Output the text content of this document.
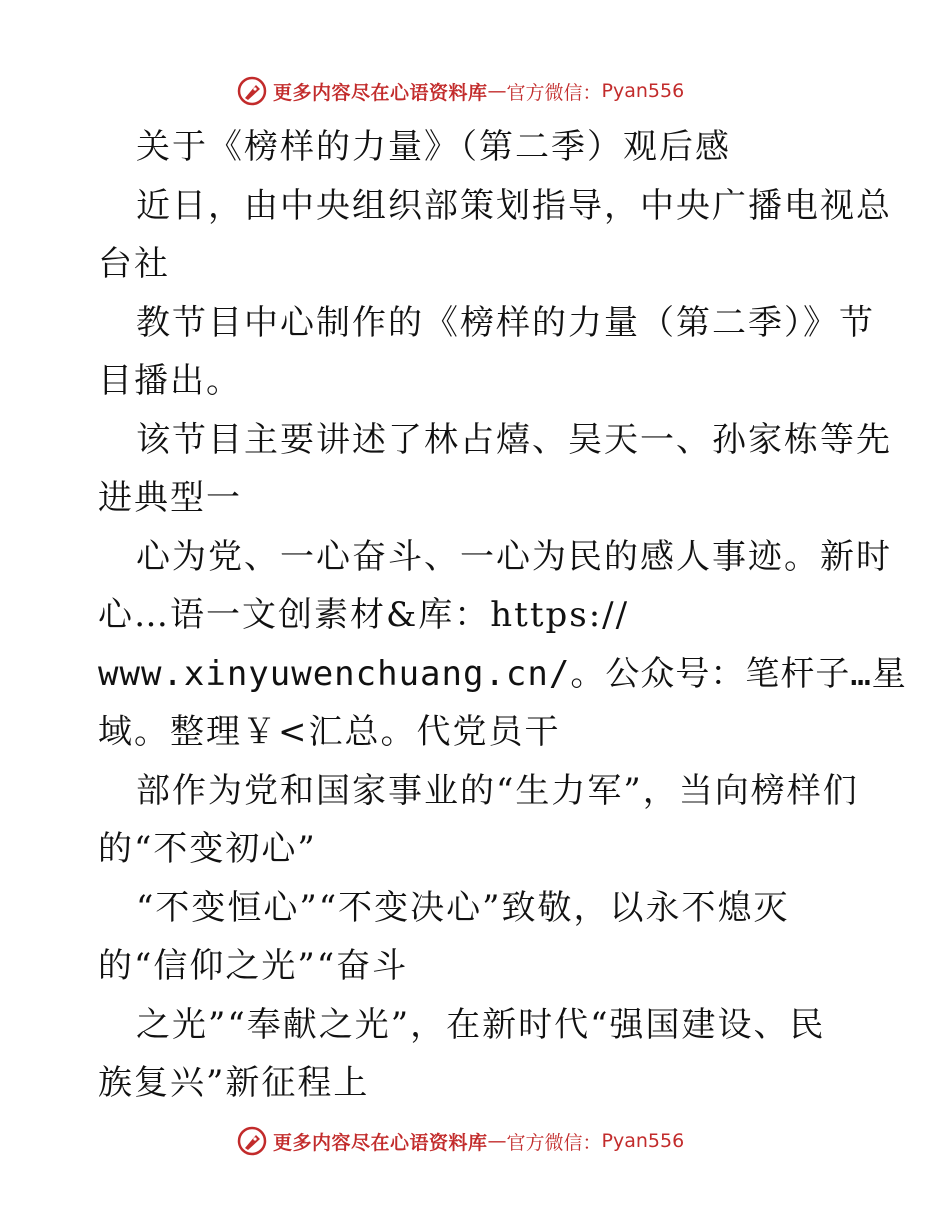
更多内容尽在心语资料库 — 官方微信： Pyan556
关于《榜样的力量》（第二季）观后感
近日，由中央组织部策划指导，中央广播电视总
台社
教节目中心制作的《榜样的力量（第二季）》节
目播出。
该节目主要讲述了林占熺、吴天一、孙家栋等先
进典型一
心为党、一心奋斗、一心为民的感人事迹。新时
心…语一文创素材&库：https://
www.xinyuwenchuang.cn/。公众号：笔杆子…星
域。整理￥<汇总。代党员干
部作为党和国家事业的“生力军”，当向榜样们
的“不变初心”
“不变恒心”“不变决心”致敬，以永不熄灭
的“信仰之光”“奋斗
之光”“奉献之光”，在新时代“强国建设、民
族复兴”新征程上
更多内容尽在心语资料库 — 官方微信： Pyan556
